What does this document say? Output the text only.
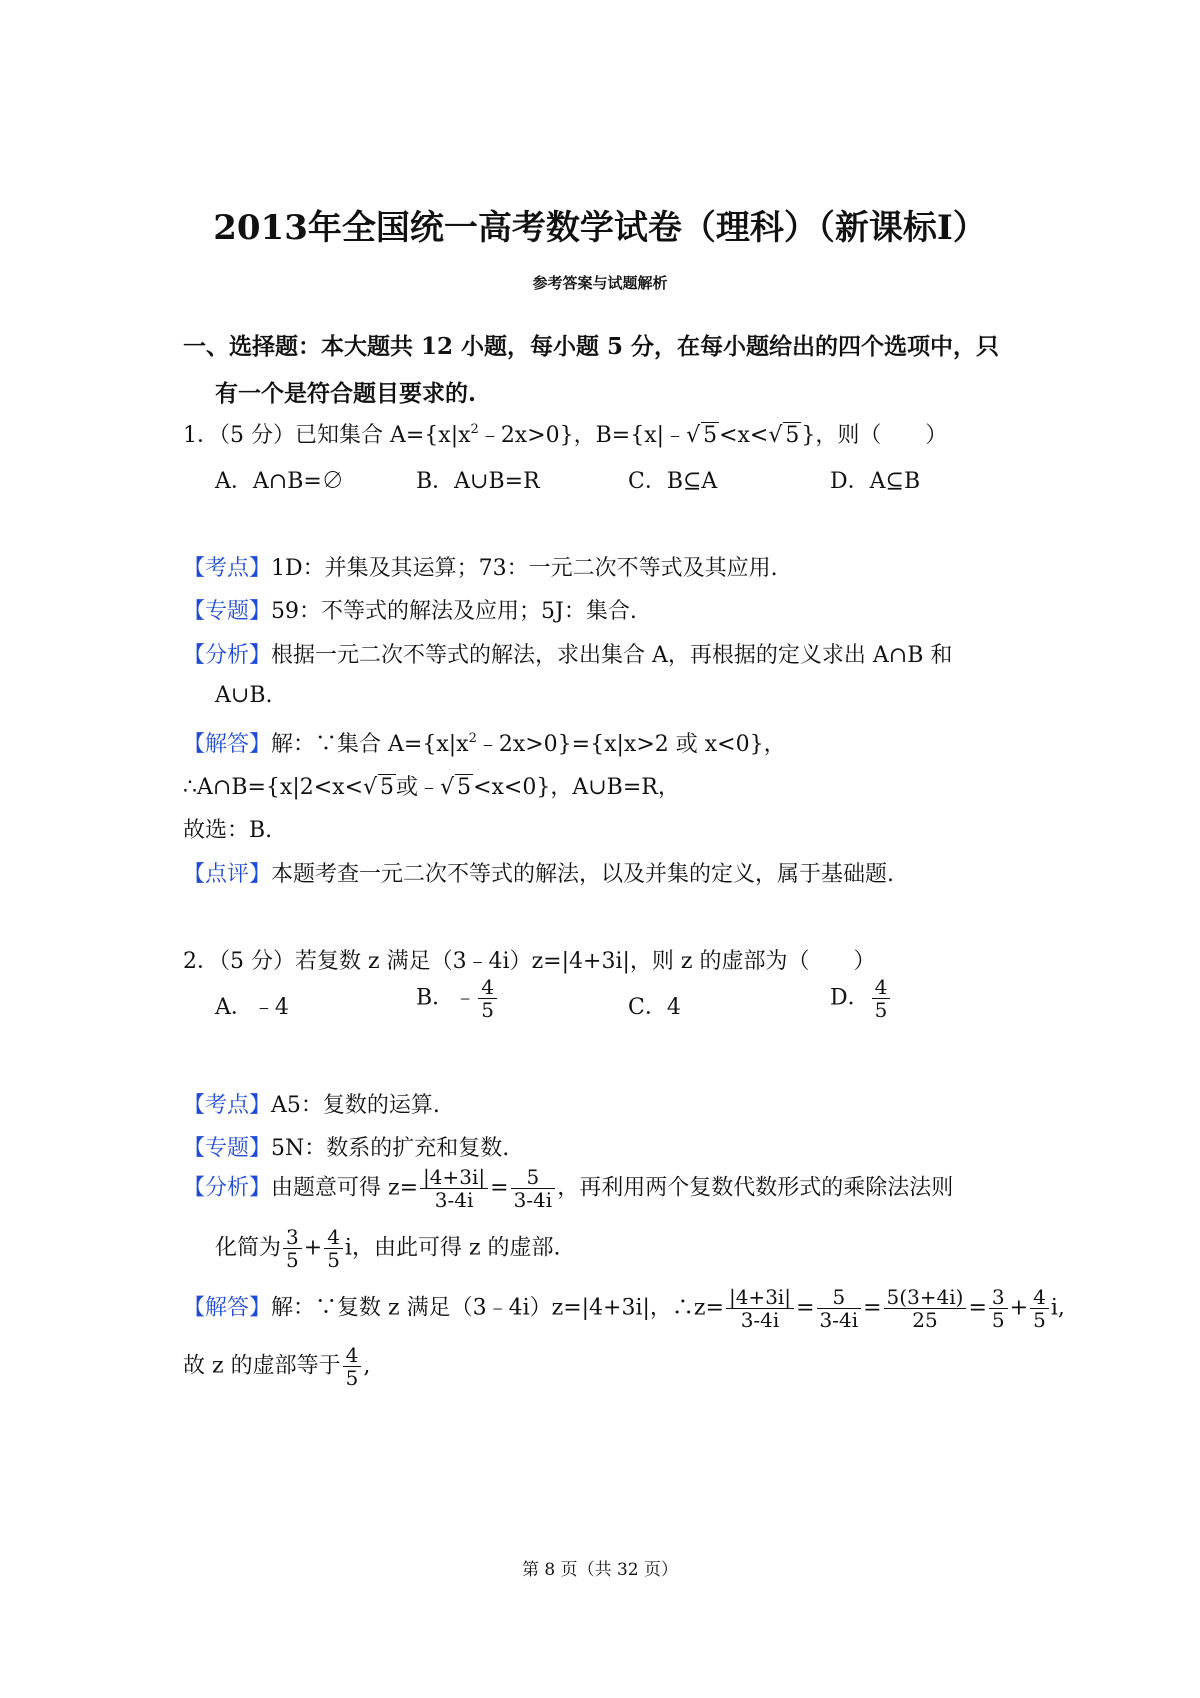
2013年全国统一高考数学试卷（理科）（新课标Ⅰ）
参考答案与试题解析
一、选择题：本大题共 12 小题，每小题 5 分，在每小题给出的四个选项中，只
有一个是符合题目要求的.
1．（5 分）已知集合 $A=\{x|x^2﹣2x>0\}$，B={x|﹣√ 5<x<√ 5}，则（　　）
A．A∩B=∅	B．A∪B=R	C．B⊆A	D．A⊆B
【考点】1D：并集及其运算；73：一元二次不等式及其应用.
【专题】59：不等式的解法及应用；5J：集合.
【分析】根据一元二次不等式的解法，求出集合 A，再根据的定义求出 A∩B 和
A∪B.
【解答】解：∵集合 $A=\{x|x^2﹣2x>0\}=\{x|x>2$ 或 x<0}，
∴A∩B={x|2<x<√ 5或﹣√ 5<x<0}，A∪B=R，
故选：B.
【点评】本题考查一元二次不等式的解法，以及并集的定义，属于基础题.
2．（5 分）若复数 z 满足（3﹣4i）z=|4+3i|，则 z 的虚部为（　　）
A．﹣4	B．﹣ $\frac{4}{5}$	C．4	D． $\frac{4}{5}$
【考点】A5：复数的运算.
【专题】5N：数系的扩充和复数.
【分析】由题意可得 $z= \frac{|4+3i|}{3-4i} = \frac{5}{3-4i}$ ，再利用两个复数代数形式的乘除法法则
化简为 $\frac{3}{5} + \frac{4}{5}$ i，由此可得 z 的虚部.
【解答】解：∵复数 z 满足（3﹣4i）z=|4+3i|，∴z= $\frac{|4+3i|}{3-4i} = \frac{5}{3-4i} = \frac{5(3+4i)}{25} = \frac{3}{5} + \frac{4}{5} i$,
故 z 的虚部等于 $\frac{4}{5}$ ,
第 8 页（共 32 页）
